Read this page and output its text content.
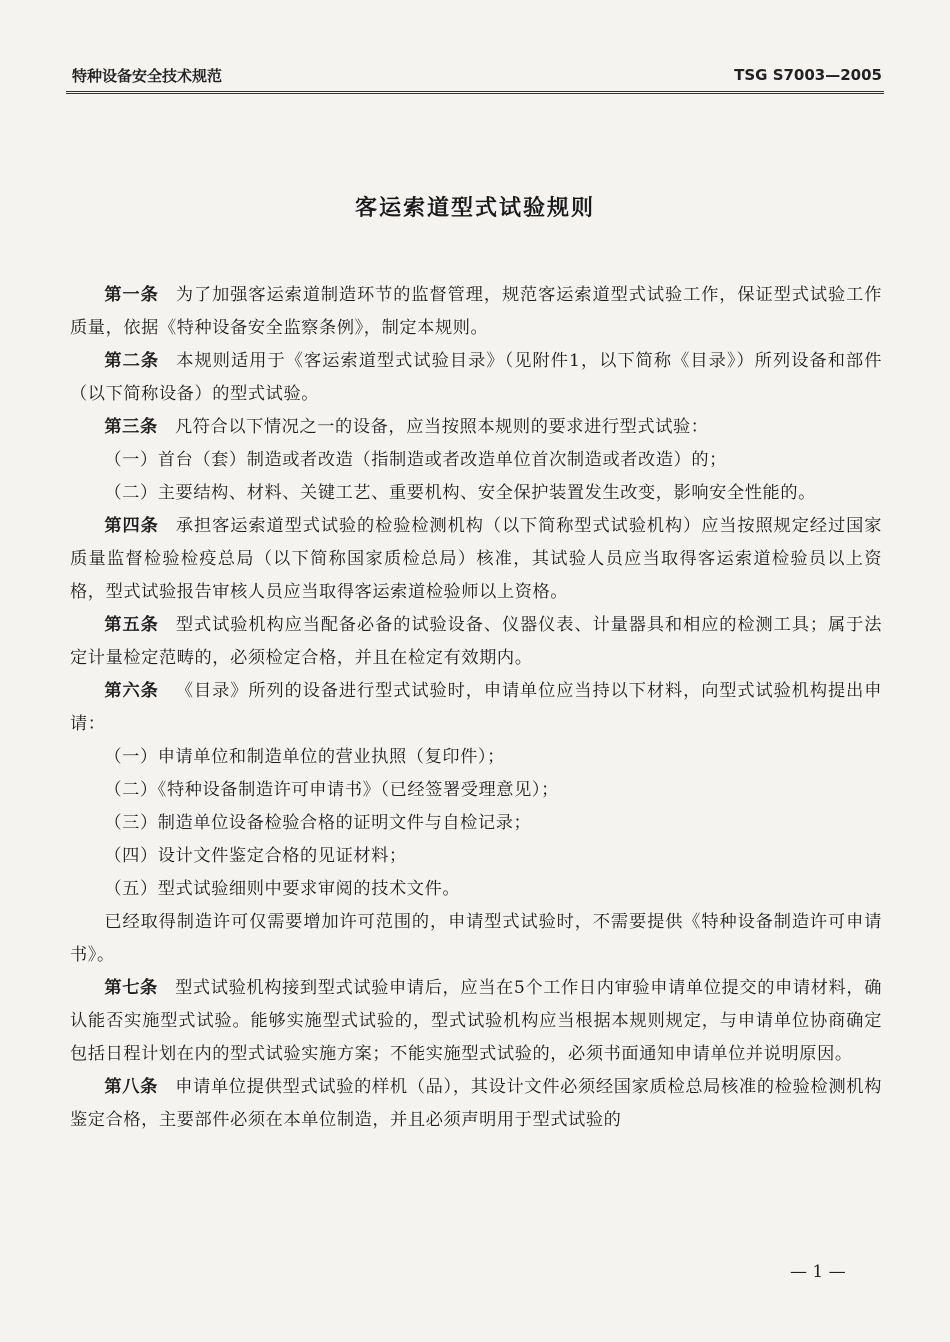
特种设备安全技术规范	TSG S7003—2005
客运索道型式试验规则

第一条 为了加强客运索道制造环节的监督管理，规范客运索道型式试验工作，保证型式试验工作质量，依据《特种设备安全监察条例》，制定本规则。

第二条 本规则适用于《客运索道型式试验目录》（见附件1，以下简称《目录》）所列设备和部件（以下简称设备）的型式试验。

第三条 凡符合以下情况之一的设备，应当按照本规则的要求进行型式试验：

（一）首台（套）制造或者改造（指制造或者改造单位首次制造或者改造）的；

（二）主要结构、材料、关键工艺、重要机构、安全保护装置发生改变，影响安全性能的。

第四条 承担客运索道型式试验的检验检测机构（以下简称型式试验机构）应当按照规定经过国家质量监督检验检疫总局（以下简称国家质检总局）核准，其试验人员应当取得客运索道检验员以上资格，型式试验报告审核人员应当取得客运索道检验师以上资格。

第五条 型式试验机构应当配备必备的试验设备、仪器仪表、计量器具和相应的检测工具；属于法定计量检定范畴的，必须检定合格，并且在检定有效期内。

第六条 《目录》所列的设备进行型式试验时，申请单位应当持以下材料，向型式试验机构提出申请：

（一）申请单位和制造单位的营业执照（复印件）；

（二）《特种设备制造许可申请书》（已经签署受理意见）；

（三）制造单位设备检验合格的证明文件与自检记录；

（四）设计文件鉴定合格的见证材料；

（五）型式试验细则中要求审阅的技术文件。

已经取得制造许可仅需要增加许可范围的，申请型式试验时，不需要提供《特种设备制造许可申请书》。

第七条 型式试验机构接到型式试验申请后，应当在5个工作日内审验申请单位提交的申请材料，确认能否实施型式试验。能够实施型式试验的，型式试验机构应当根据本规则规定，与申请单位协商确定包括日程计划在内的型式试验实施方案；不能实施型式试验的，必须书面通知申请单位并说明原因。

第八条 申请单位提供型式试验的样机（品），其设计文件必须经国家质检总局核准的检验检测机构鉴定合格，主要部件必须在本单位制造，并且必须声明用于型式试验的

— 1 —
